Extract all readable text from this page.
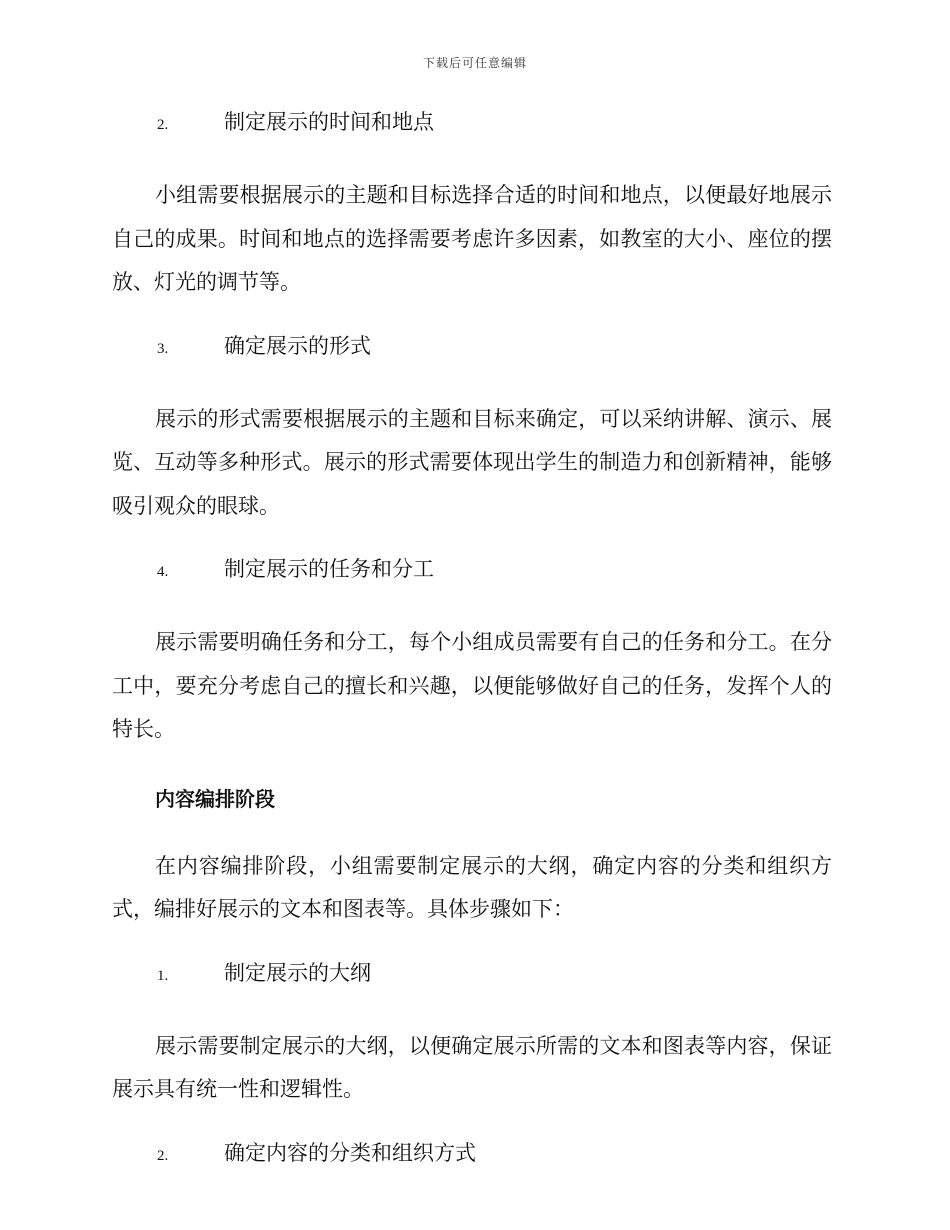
下载后可任意编辑
2.	制定展示的时间和地点

小组需要根据展示的主题和目标选择合适的时间和地点，以便最好地展示自己的成果。时间和地点的选择需要考虑许多因素，如教室的大小、座位的摆放、灯光的调节等。

3.	确定展示的形式

展示的形式需要根据展示的主题和目标来确定，可以采纳讲解、演示、展览、互动等多种形式。展示的形式需要体现出学生的制造力和创新精神，能够吸引观众的眼球。

4.	制定展示的任务和分工

展示需要明确任务和分工，每个小组成员需要有自己的任务和分工。在分工中，要充分考虑自己的擅长和兴趣，以便能够做好自己的任务，发挥个人的特长。

内容编排阶段

在内容编排阶段，小组需要制定展示的大纲，确定内容的分类和组织方式，编排好展示的文本和图表等。具体步骤如下：

1.	制定展示的大纲

展示需要制定展示的大纲，以便确定展示所需的文本和图表等内容，保证展示具有统一性和逻辑性。

2.	确定内容的分类和组织方式
